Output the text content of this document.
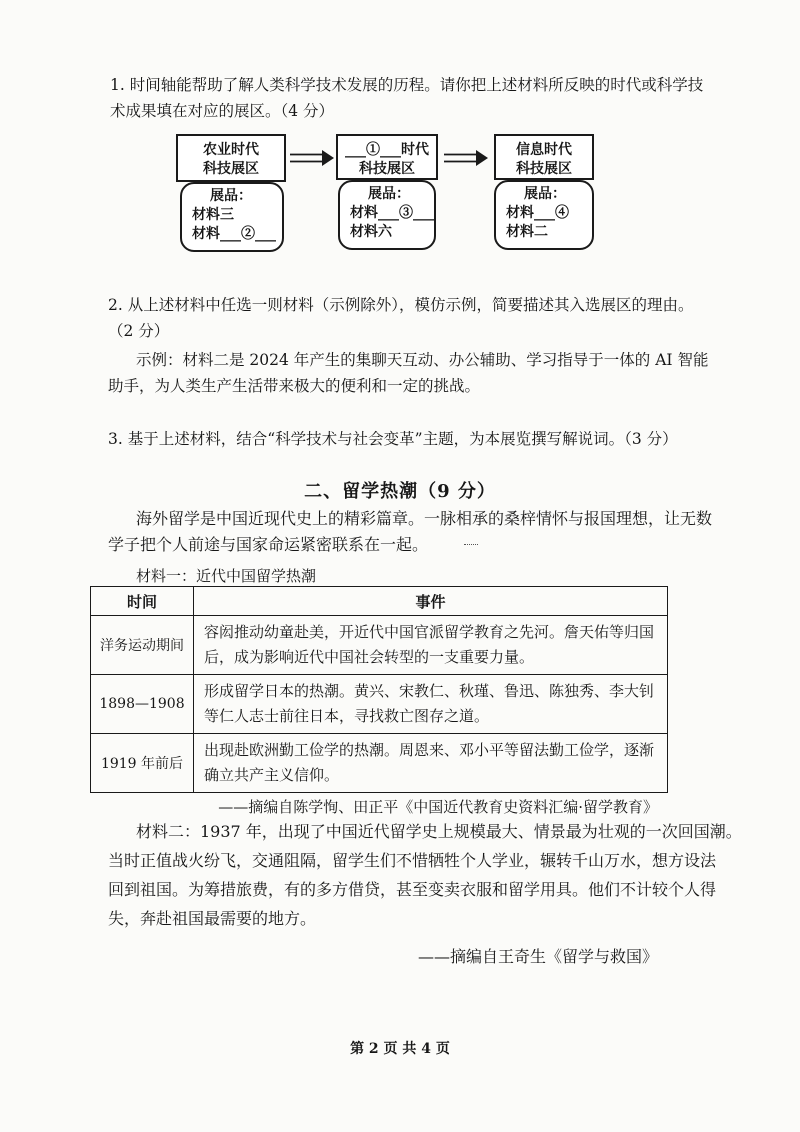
1. 时间轴能帮助了解人类科学技术发展的历程。请你把上述材料所反映的时代或科学技

术成果填在对应的展区。（4 分）

农业时代
科技展区
展品：
材料三
材料___②___
___①___时代
科技展区
展品：
材料___③___
材料六
信息时代
科技展区
展品：
材料___④
材料二

2. 从上述材料中任选一则材料（示例除外），模仿示例，简要描述其入选展区的理由。

（2 分）

示例：材料二是 2024 年产生的集聊天互动、办公辅助、学习指导于一体的 AI 智能

助手，为人类生产生活带来极大的便利和一定的挑战。

3. 基于上述材料，结合“科学技术与社会变革”主题，为本展览撰写解说词。（3 分）

二、留学热潮（9 分）

海外留学是中国近现代史上的精彩篇章。一脉相承的桑梓情怀与报国理想，让无数

学子把个人前途与国家命运紧密联系在一起。

材料一：近代中国留学热潮

时间	事件
洋务运动期间	容闳推动幼童赴美，开近代中国官派留学教育之先河。詹天佑等归国后，成为影响近代中国社会转型的一支重要力量。
1898—1908	形成留学日本的热潮。黄兴、宋教仁、秋瑾、鲁迅、陈独秀、李大钊等仁人志士前往日本，寻找救亡图存之道。
1919 年前后	出现赴欧洲勤工俭学的热潮。周恩来、邓小平等留法勤工俭学，逐渐确立共产主义信仰。

——摘编自陈学恂、田正平《中国近代教育史资料汇编·留学教育》

材料二：1937 年，出现了中国近代留学史上规模最大、情景最为壮观的一次回国潮。

当时正值战火纷飞，交通阻隔，留学生们不惜牺牲个人学业，辗转千山万水，想方设法

回到祖国。为筹措旅费，有的多方借贷，甚至变卖衣服和留学用具。他们不计较个人得

失，奔赴祖国最需要的地方。

——摘编自王奇生《留学与救国》

第 2 页 共 4 页
